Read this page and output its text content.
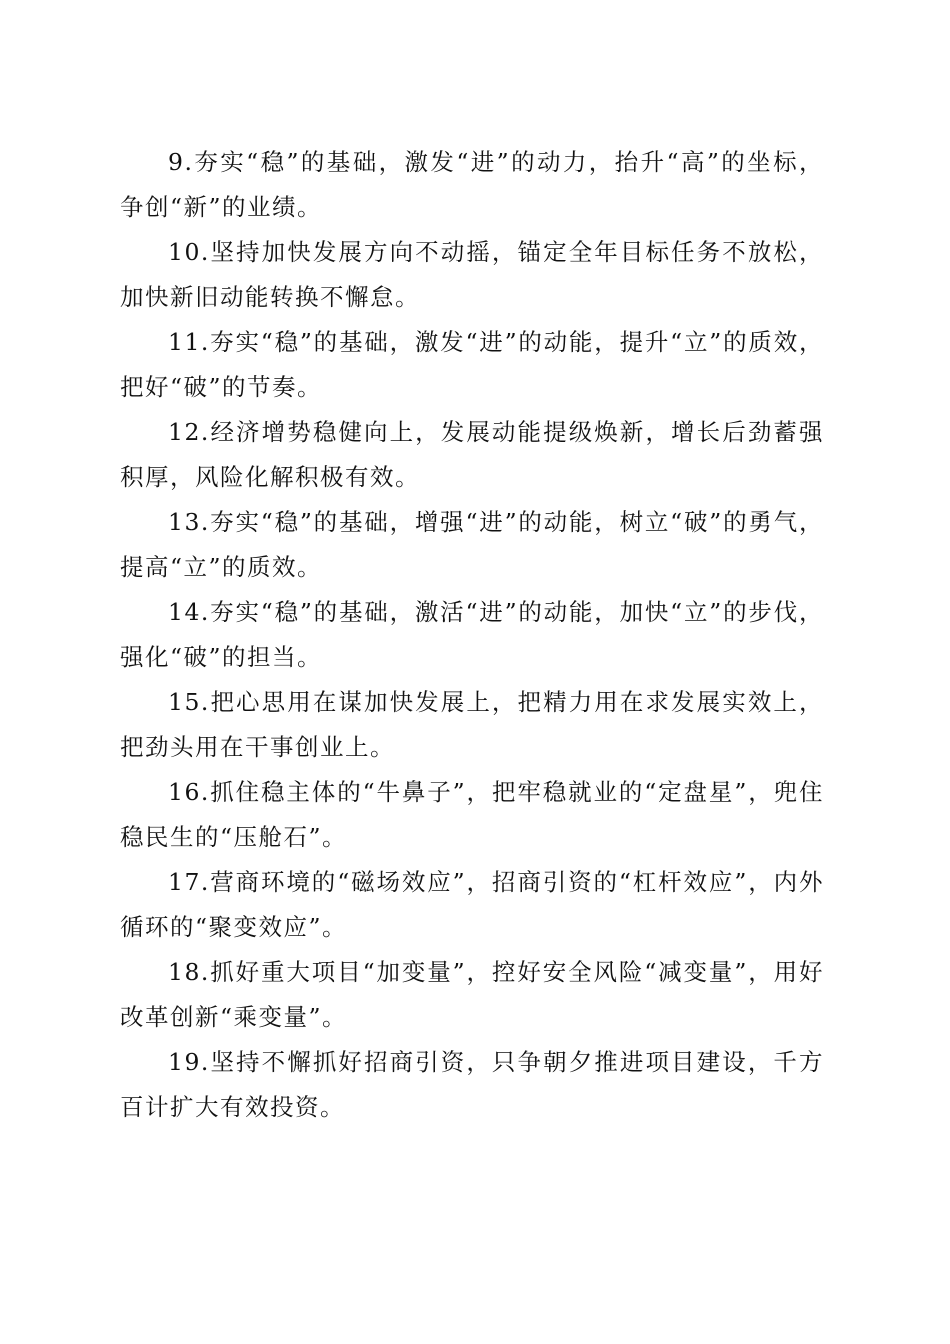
9.夯实“稳”的基础，激发“进”的动力，抬升“高”的坐标，争创“新”的业绩。

10.坚持加快发展方向不动摇，锚定全年目标任务不放松，加快新旧动能转换不懈怠。

11.夯实“稳”的基础，激发“进”的动能，提升“立”的质效，把好“破”的节奏。

12.经济增势稳健向上，发展动能提级焕新，增长后劲蓄强积厚，风险化解积极有效。

13.夯实“稳”的基础，增强“进”的动能，树立“破”的勇气，提高“立”的质效。

14.夯实“稳”的基础，激活“进”的动能，加快“立”的步伐，强化“破”的担当。

15.把心思用在谋加快发展上，把精力用在求发展实效上，把劲头用在干事创业上。

16.抓住稳主体的“牛鼻子”，把牢稳就业的“定盘星”，兜住稳民生的“压舱石”。

17.营商环境的“磁场效应”，招商引资的“杠杆效应”，内外循环的“聚变效应”。

18.抓好重大项目“加变量”，控好安全风险“减变量”，用好改革创新“乘变量”。

19.坚持不懈抓好招商引资，只争朝夕推进项目建设，千方百计扩大有效投资。
